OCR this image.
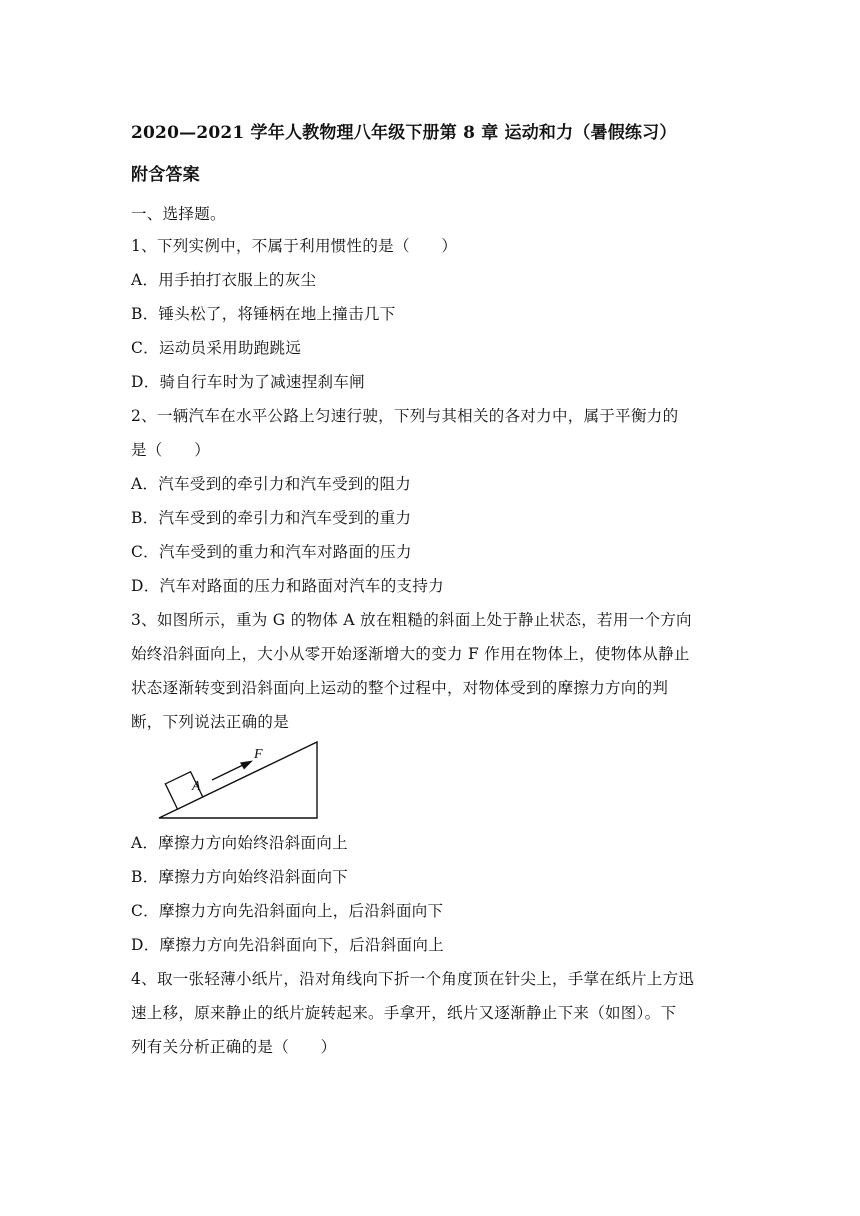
2020—2021 学年人教物理八年级下册第 8 章 运动和力（暑假练习）
附含答案
一、选择题。
1、下列实例中，不属于利用惯性的是（　　）
A．用手拍打衣服上的灰尘
B．锤头松了，将锤柄在地上撞击几下
C．运动员采用助跑跳远
D．骑自行车时为了减速捏刹车闸
2、一辆汽车在水平公路上匀速行驶，下列与其相关的各对力中，属于平衡力的
是（　　）
A．汽车受到的牵引力和汽车受到的阻力
B．汽车受到的牵引力和汽车受到的重力
C．汽车受到的重力和汽车对路面的压力
D．汽车对路面的压力和路面对汽车的支持力
3、如图所示，重为 G 的物体 A 放在粗糙的斜面上处于静止状态，若用一个方向
始终沿斜面向上，大小从零开始逐渐增大的变力 F 作用在物体上，使物体从静止
状态逐渐转变到沿斜面向上运动的整个过程中，对物体受到的摩擦力方向的判
断，下列说法正确的是
A
F
A．摩擦力方向始终沿斜面向上
B．摩擦力方向始终沿斜面向下
C．摩擦力方向先沿斜面向上，后沿斜面向下
D．摩擦力方向先沿斜面向下，后沿斜面向上
4、取一张轻薄小纸片，沿对角线向下折一个角度顶在针尖上，手掌在纸片上方迅
速上移，原来静止的纸片旋转起来。手拿开，纸片又逐渐静止下来（如图）。下
列有关分析正确的是（　　）
